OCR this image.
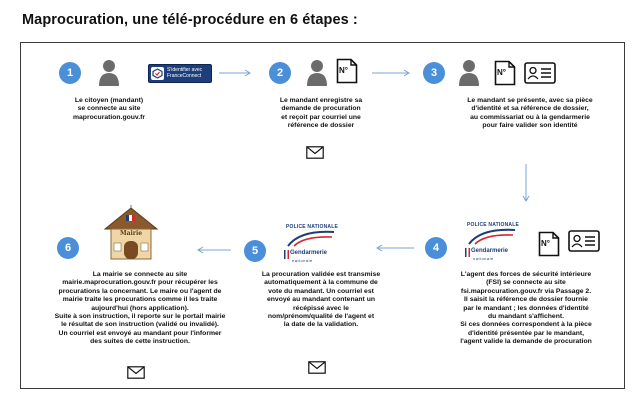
Maprocuration, une télé-procédure en 6 étapes :
1	S'identifier avec
FranceConnect
Le citoyen (mandant)
se connecte au site
maprocuration.gouv.fr
2	N°
Le mandant enregistre sa
demande de procuration
et reçoit par courriel une
référence de dossier
3	N°
Le mandant se présente, avec sa pièce
d'identité et sa référence de dossier,
au commissariat ou à la gendarmerie
pour faire valider son identité
4
POLICE NATIONALE
Gendarmerie
nationale
N°
L'agent des forces de sécurité intérieure
(FSI) se connecte au site
fsi.maprocuration.gouv.fr via Passage 2.
Il saisit la référence de dossier fournie
par le mandant ; les données d'identité
du mandant s'affichent.
Si ces données correspondent à la pièce
d'identité présentée par le mandant,
l'agent valide la demande de procuration
5
POLICE NATIONALE
Gendarmerie
nationale
La procuration validée est transmise
automatiquement à la commune de
vote du mandant. Un courriel est
envoyé au mandant contenant un
récépissé avec le
nom/prénom/qualité de l'agent et
la date de la validation.
6
Mairie
La mairie se connecte au site
mairie.maprocuration.gouv.fr pour récupérer les
procurations la concernant. Le maire ou l'agent de
mairie traite les procurations comme il les traite
aujourd'hui (hors application).
Suite à son instruction, il reporte sur le portail mairie
le résultat de son instruction (validé ou invalidé).
Un courriel est envoyé au mandant pour l'informer
des suites de cette instruction.
